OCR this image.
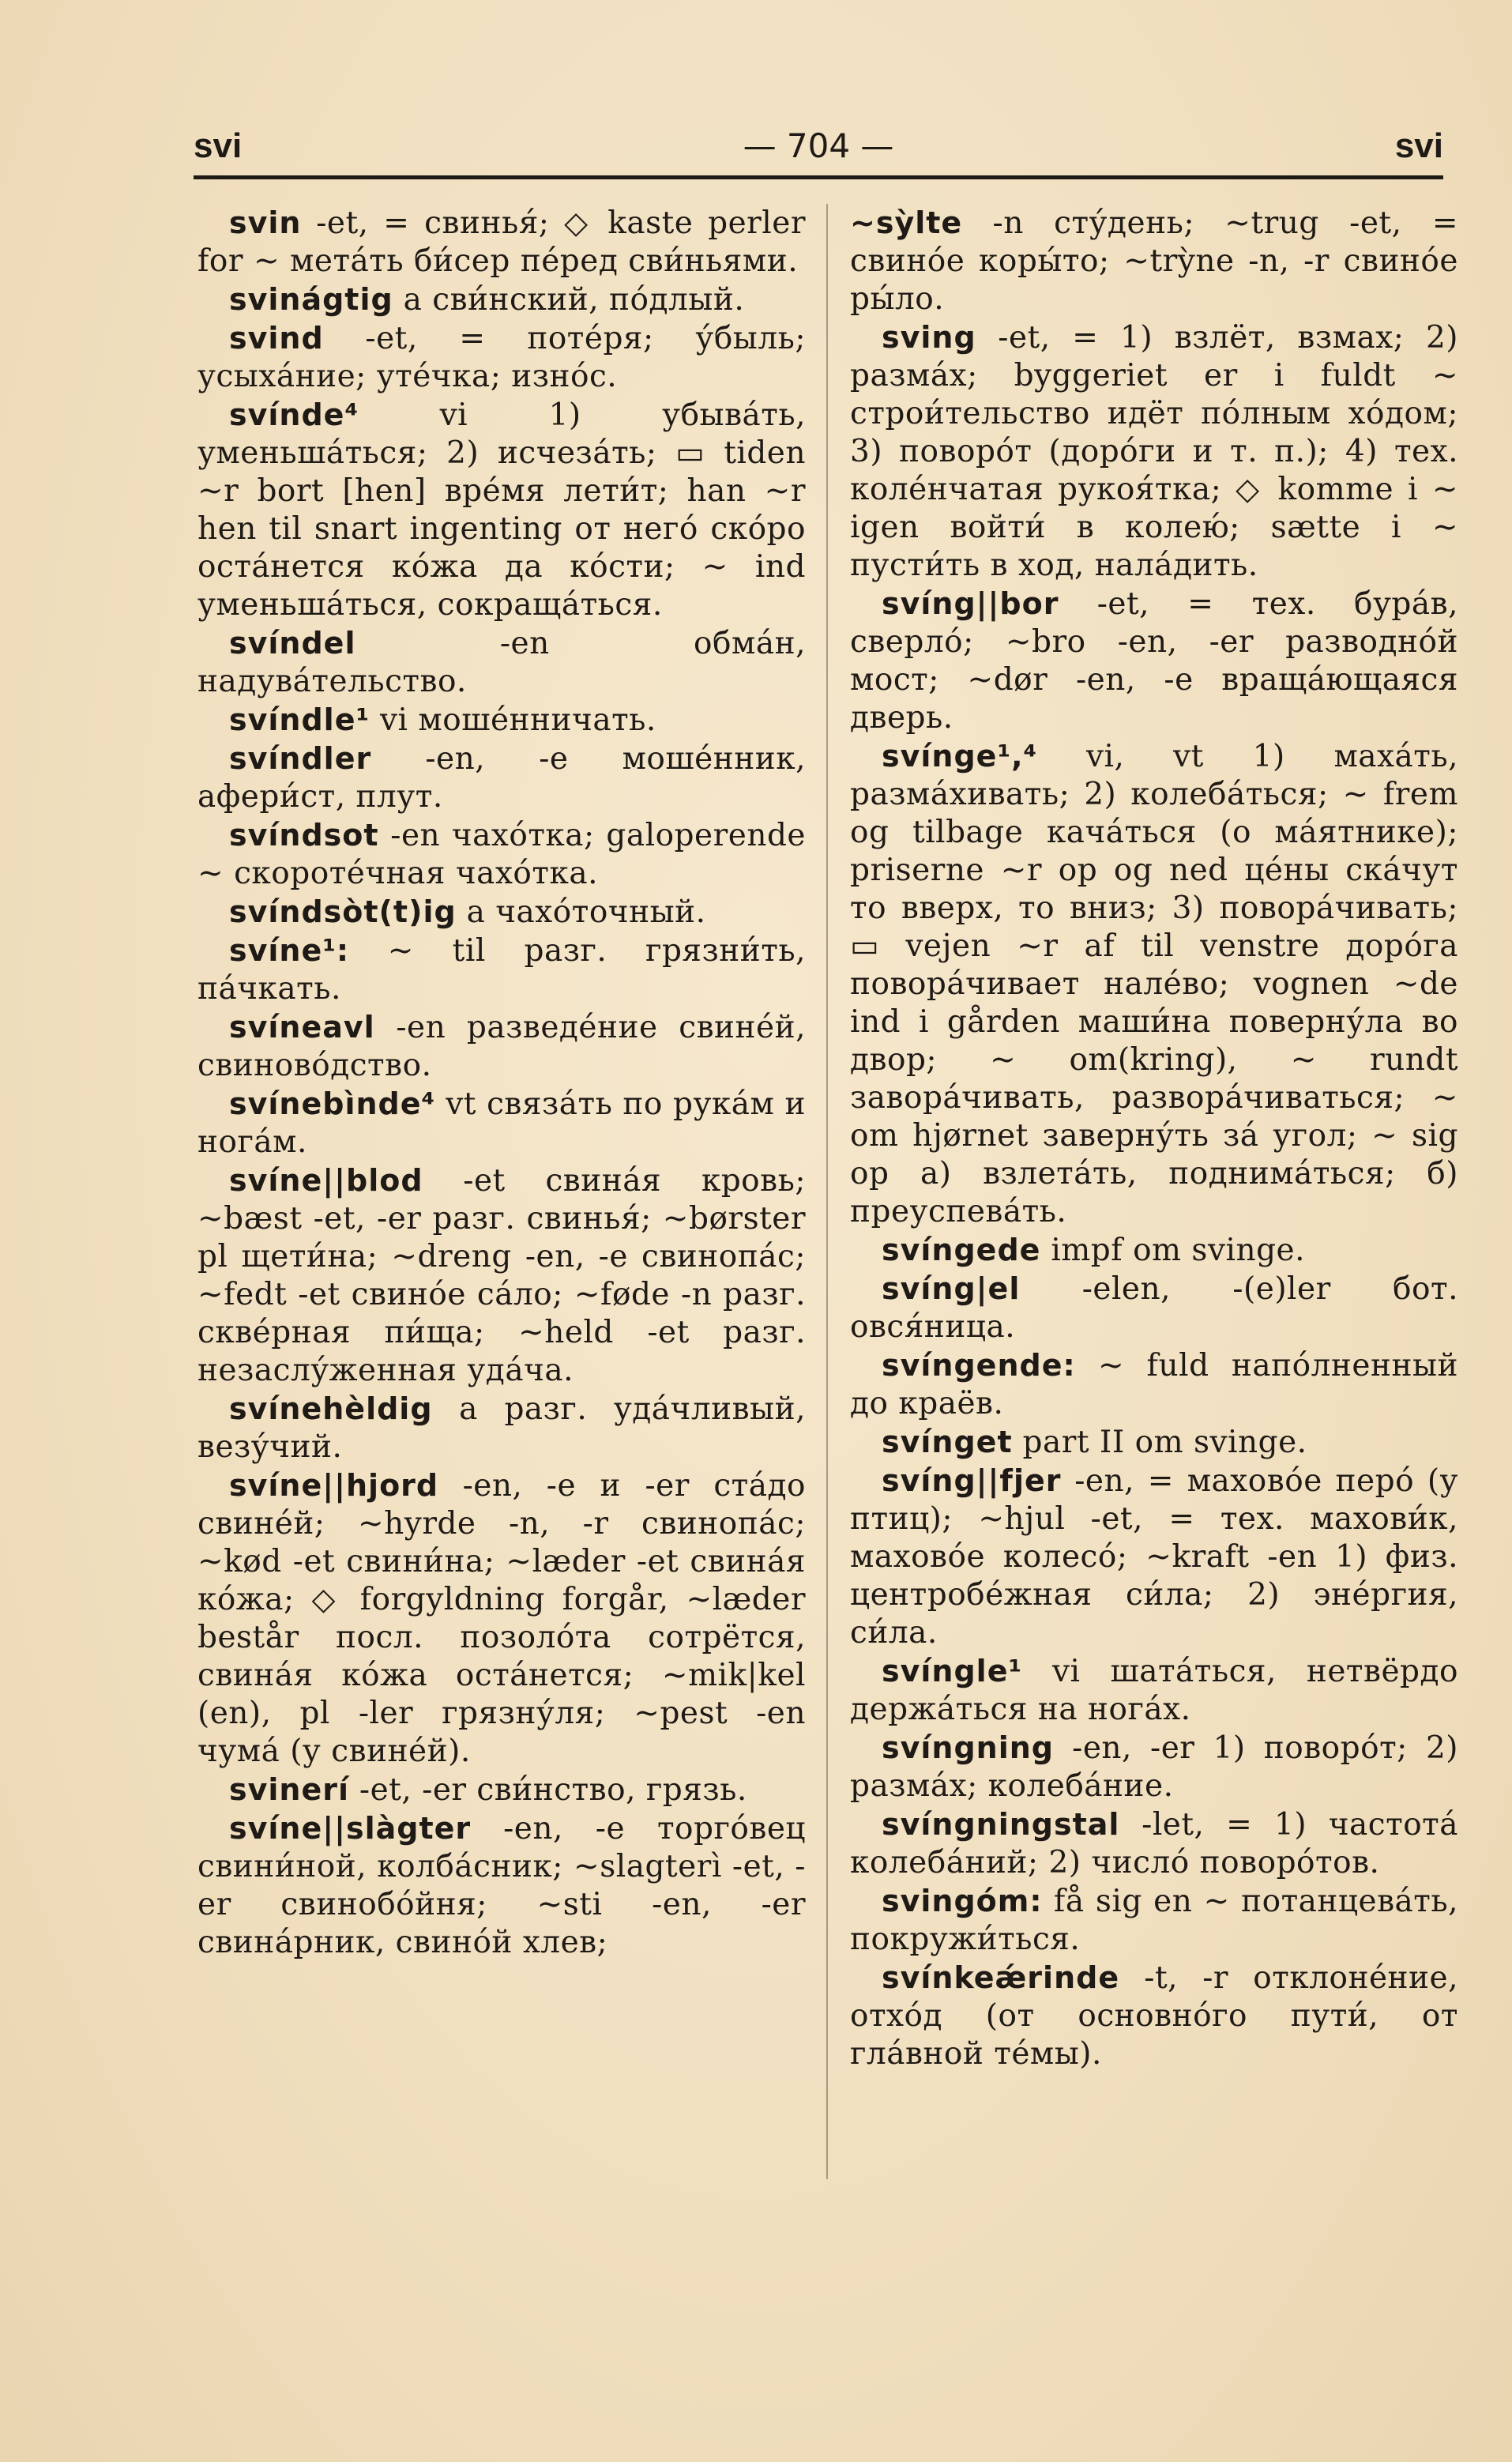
svi	— 704 —	svi

svin -et, = свинья́; ◇ kaste perler for ~ мета́ть би́сер пе́ред сви́ньями.

svinágtig a сви́нский, по́длый.

svind -et, = поте́ря; у́быль; усыха́ние; уте́чка; изно́с.

svínde⁴ vi 1) убыва́ть, уменьша́ться; 2) исчеза́ть; ▭ tiden ~r bort [hen] вре́мя лети́т; han ~r hen til snart ingenting от него́ ско́ро оста́нется ко́жа да ко́сти; ~ ind уменьша́ться, сокраща́ться.

svíndel -en обма́н, надува́тельство.

svíndle¹ vi моше́нничать.

svíndler -en, -e моше́нник, афери́ст, плут.

svíndsot -en чахо́тка; galoperende ~ скороте́чная чахо́тка.

svíndsòt(t)ig a чахо́точный.

svíne¹: ~ til разг. грязни́ть, па́чкать.

svíneavl -en разведе́ние свине́й, свиново́дство.

svínebìnde⁴ vt связа́ть по рука́м и нога́м.

svíne||blod -et свина́я кровь; ~bæst -et, -er разг. свинья́; ~børster pl щети́на; ~dreng -en, -e свинопа́с; ~fedt -et свино́е са́ло; ~føde -n разг. скве́рная пи́ща; ~held -et разг. незаслу́женная уда́ча.

svínehèldig a разг. уда́чливый, везу́чий.

svíne||hjord -en, -e и -er ста́до свине́й; ~hyrde -n, -r свинопа́с; ~kød -et свини́на; ~læder -et свина́я ко́жа; ◇ forgyldning forgår, ~læder består посл. позоло́та сотрётся, свина́я ко́жа оста́нется; ~mik|kel (en), pl -ler грязну́ля; ~pest -en чума́ (у свине́й).

svinerí -et, -er сви́нство, грязь.

svíne||slàgter -en, -e торго́вец свини́ной, колба́сник; ~slagterì -et, -er свинобо́йня; ~sti -en, -er свина́рник, свино́й хлев;

~sỳlte -n сту́день; ~trug -et, = свино́е коры́то; ~trỳne -n, -r свино́е ры́ло.

sving -et, = 1) взлёт, взмах; 2) разма́х; byggeriet er i fuldt ~ строи́тельство идёт по́лным хо́дом; 3) поворо́т (доро́ги и т. п.); 4) тех. коле́нчатая рукоя́тка; ◇ komme i ~ igen войти́ в колею́; sætte i ~ пусти́ть в ход, нала́дить.

svíng||bor -et, = тех. бура́в, сверло́; ~bro -en, -er разводно́й мост; ~dør -en, -e враща́ющаяся дверь.

svínge¹,⁴ vi, vt 1) маха́ть, разма́хивать; 2) колеба́ться; ~ frem og tilbage кача́ться (о ма́ятнике); priserne ~r op og ned це́ны ска́чут то вверх, то вниз; 3) повора́чивать; ▭ vejen ~r af til venstre доро́га повора́чивает нале́во; vognen ~de ind i gården маши́на поверну́ла во двор; ~ om(kring), ~ rundt завора́чивать, развора́чиваться; ~ om hjørnet заверну́ть за́ угол; ~ sig op а) взлета́ть, поднима́ться; б) преуспева́ть.

svíngede impf om svinge.

svíng|el -elen, -(e)ler бот. овся́ница.

svíngende: ~ fuld напо́лненный до краёв.

svínget part II om svinge.

svíng||fjer -en, = махово́е перо́ (у птиц); ~hjul -et, = тех. махови́к, махово́е колесо́; ~kraft -en 1) физ. центробе́жная си́ла; 2) эне́ргия, си́ла.

svíngle¹ vi шата́ться, нетвёрдо держа́ться на нога́х.

svíngning -en, -er 1) поворо́т; 2) разма́х; колеба́ние.

svíngningstal -let, = 1) частота́ колеба́ний; 2) число́ поворо́тов.

svingóm: få sig en ~ потанцева́ть, покружи́ться.

svínkeǽrinde -t, -r отклоне́ние, отхо́д (от основно́го пути́, от гла́вной те́мы).
